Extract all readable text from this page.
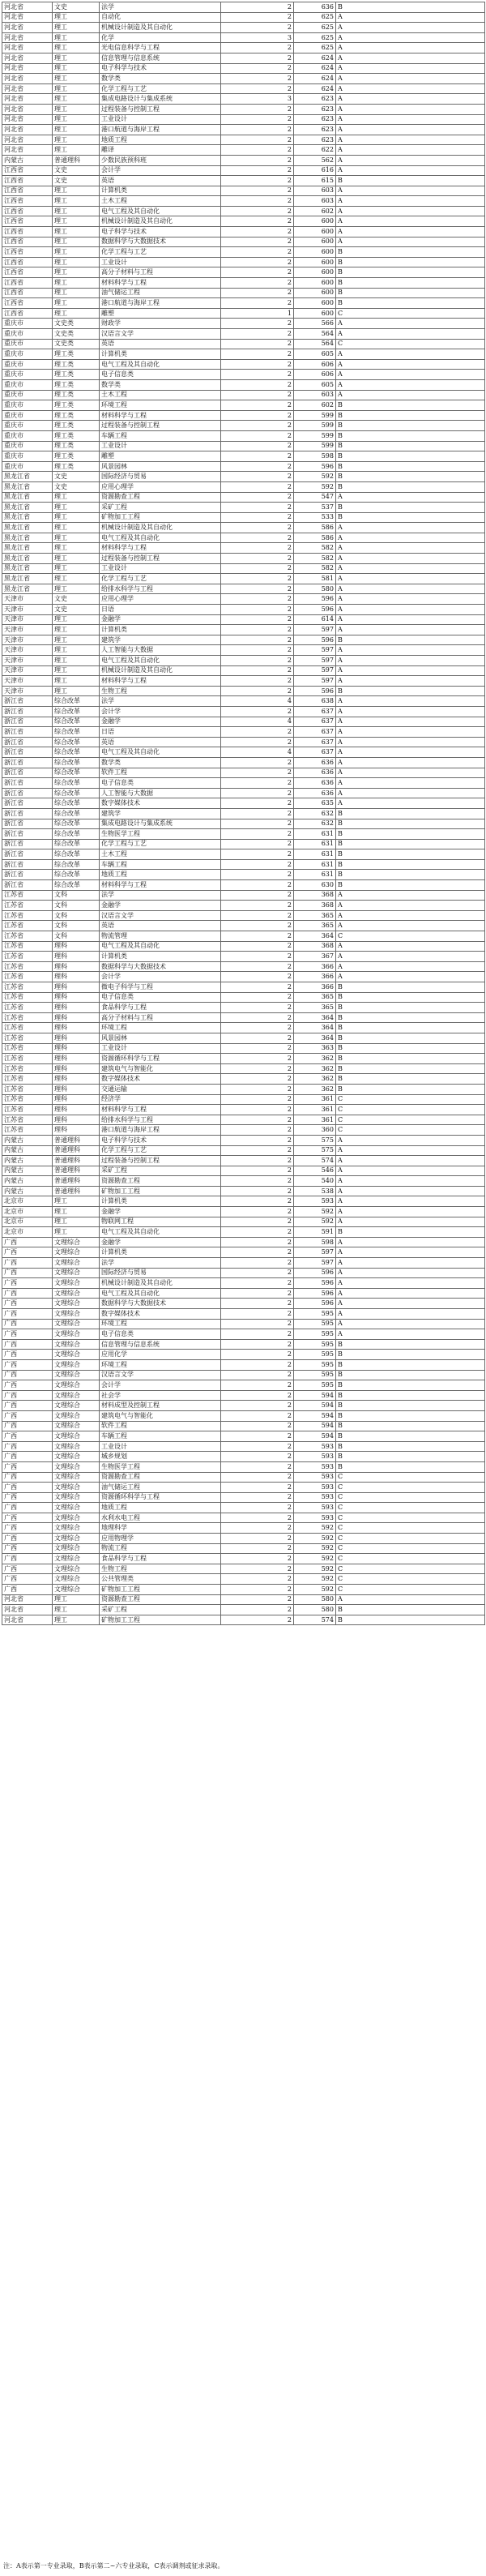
河北省	文史	法学	2	636	B
河北省	理工	自动化	2	625	A
河北省	理工	机械设计制造及其自动化	2	625	A
河北省	理工	化学	3	625	A
河北省	理工	光电信息科学与工程	2	625	A
河北省	理工	信息管理与信息系统	2	624	A
河北省	理工	电子科学与技术	2	624	A
河北省	理工	数学类	2	624	A
河北省	理工	化学工程与工艺	2	624	A
河北省	理工	集成电路设计与集成系统	3	623	A
河北省	理工	过程装备与控制工程	2	623	A
河北省	理工	工业设计	2	623	A
河北省	理工	港口航道与海岸工程	2	623	A
河北省	理工	地质工程	2	623	A
河北省	理工	雕译	2	622	A
内蒙古	普通理科	少数民族预科班	2	562	A
江西省	文史	会计学	2	616	A
江西省	文史	英语	2	615	B
江西省	理工	计算机类	2	603	A
江西省	理工	土木工程	2	603	A
江西省	理工	电气工程及其自动化	2	602	A
江西省	理工	机械设计制造及其自动化	2	600	A
江西省	理工	电子科学与技术	2	600	A
江西省	理工	数据科学与大数据技术	2	600	A
江西省	理工	化学工程与工艺	2	600	B
江西省	理工	工业设计	2	600	B
江西省	理工	高分子材料与工程	2	600	B
江西省	理工	材料科学与工程	2	600	B
江西省	理工	油气储运工程	2	600	B
江西省	理工	港口航道与海岸工程	2	600	B
江西省	理工	雕塑	1	600	C
重庆市	文史类	财政学	2	566	A
重庆市	文史类	汉语言文学	2	564	A
重庆市	文史类	英语	2	564	C
重庆市	理工类	计算机类	2	605	A
重庆市	理工类	电气工程及其自动化	2	606	A
重庆市	理工类	电子信息类	2	606	A
重庆市	理工类	数学类	2	605	A
重庆市	理工类	土木工程	2	603	A
重庆市	理工类	环境工程	2	602	B
重庆市	理工类	材料科学与工程	2	599	B
重庆市	理工类	过程装备与控制工程	2	599	B
重庆市	理工类	车辆工程	2	599	B
重庆市	理工类	工业设计	2	599	B
重庆市	理工类	雕塑	2	598	B
重庆市	理工类	风景园林	2	596	B
黑龙江省	文史	国际经济与贸易	2	592	B
黑龙江省	文史	应用心理学	2	592	B
黑龙江省	理工	资源勘查工程	2	547	A
黑龙江省	理工	采矿工程	2	537	B
黑龙江省	理工	矿物加工工程	2	533	B
黑龙江省	理工	机械设计制造及其自动化	2	586	A
黑龙江省	理工	电气工程及其自动化	2	586	A
黑龙江省	理工	材料科学与工程	2	582	A
黑龙江省	理工	过程装备与控制工程	2	582	A
黑龙江省	理工	工业设计	2	582	A
黑龙江省	理工	化学工程与工艺	2	581	A
黑龙江省	理工	给排水科学与工程	2	580	A
天津市	文史	应用心理学	2	596	A
天津市	文史	日语	2	596	A
天津市	理工	金融学	2	614	A
天津市	理工	计算机类	2	597	A
天津市	理工	建筑学	2	596	B
天津市	理工	人工智能与大数据	2	597	A
天津市	理工	电气工程及其自动化	2	597	A
天津市	理工	机械设计制造及其自动化	2	597	A
天津市	理工	材料科学与工程	2	597	A
天津市	理工	生物工程	2	596	B
浙江省	综合改革	法学	4	638	A
浙江省	综合改革	会计学	2	637	A
浙江省	综合改革	金融学	4	637	A
浙江省	综合改革	日语	2	637	A
浙江省	综合改革	英语	2	637	A
浙江省	综合改革	电气工程及其自动化	4	637	A
浙江省	综合改革	数学类	2	636	A
浙江省	综合改革	软件工程	2	636	A
浙江省	综合改革	电子信息类	2	636	A
浙江省	综合改革	人工智能与大数据	2	636	A
浙江省	综合改革	数字媒体技术	2	635	A
浙江省	综合改革	建筑学	2	632	B
浙江省	综合改革	集成电路设计与集成系统	2	632	B
浙江省	综合改革	生物医学工程	2	631	B
浙江省	综合改革	化学工程与工艺	2	631	B
浙江省	综合改革	土木工程	2	631	B
浙江省	综合改革	车辆工程	2	631	B
浙江省	综合改革	地质工程	2	631	B
浙江省	综合改革	材料科学与工程	2	630	B
江苏省	文科	法学	2	368	A
江苏省	文科	金融学	2	368	A
江苏省	文科	汉语言文学	2	365	A
江苏省	文科	英语	2	365	A
江苏省	文科	物流管理	2	364	C
江苏省	理科	电气工程及其自动化	2	368	A
江苏省	理科	计算机类	2	367	A
江苏省	理科	数据科学与大数据技术	2	366	A
江苏省	理科	会计学	2	366	A
江苏省	理科	微电子科学与工程	2	366	B
江苏省	理科	电子信息类	2	365	B
江苏省	理科	食品科学与工程	2	365	B
江苏省	理科	高分子材料与工程	2	364	B
江苏省	理科	环境工程	2	364	B
江苏省	理科	风景园林	2	364	B
江苏省	理科	工业设计	2	363	B
江苏省	理科	资源循环科学与工程	2	362	B
江苏省	理科	建筑电气与智能化	2	362	B
江苏省	理科	数字媒体技术	2	362	B
江苏省	理科	交通运输	2	362	B
江苏省	理科	经济学	2	361	C
江苏省	理科	材料科学与工程	2	361	C
江苏省	理科	给排水科学与工程	2	361	C
江苏省	理科	港口航道与海岸工程	2	360	C
内蒙古	普通理科	电子科学与技术	2	575	A
内蒙古	普通理科	化学工程与工艺	2	575	A
内蒙古	普通理科	过程装备与控制工程	2	574	A
内蒙古	普通理科	采矿工程	2	546	A
内蒙古	普通理科	资源勘查工程	2	540	A
内蒙古	普通理科	矿物加工工程	2	538	A
北京市	理工	计算机类	2	593	A
北京市	理工	金融学	2	592	A
北京市	理工	物联网工程	2	592	A
北京市	理工	电气工程及其自动化	2	591	B
广西	文理综合	金融学	2	598	A
广西	文理综合	计算机类	2	597	A
广西	文理综合	法学	2	597	A
广西	文理综合	国际经济与贸易	2	596	A
广西	文理综合	机械设计制造及其自动化	2	596	A
广西	文理综合	电气工程及其自动化	2	596	A
广西	文理综合	数据科学与大数据技术	2	596	A
广西	文理综合	数字媒体技术	2	595	A
广西	文理综合	环境工程	2	595	A
广西	文理综合	电子信息类	2	595	A
广西	文理综合	信息管理与信息系统	2	595	B
广西	文理综合	应用化学	2	595	B
广西	文理综合	环境工程	2	595	B
广西	文理综合	汉语言文学	2	595	B
广西	文理综合	会计学	2	595	B
广西	文理综合	社会学	2	594	B
广西	文理综合	材料成型及控制工程	2	594	B
广西	文理综合	建筑电气与智能化	2	594	B
广西	文理综合	软件工程	2	594	B
广西	文理综合	车辆工程	2	594	B
广西	文理综合	工业设计	2	593	B
广西	文理综合	城乡规划	2	593	B
广西	文理综合	生物医学工程	2	593	B
广西	文理综合	资源勘查工程	2	593	C
广西	文理综合	油气储运工程	2	593	C
广西	文理综合	资源循环科学与工程	2	593	C
广西	文理综合	地质工程	2	593	C
广西	文理综合	水利水电工程	2	593	C
广西	文理综合	地理科学	2	592	C
广西	文理综合	应用物理学	2	592	C
广西	文理综合	物流工程	2	592	C
广西	文理综合	食品科学与工程	2	592	C
广西	文理综合	生物工程	2	592	C
广西	文理综合	公共管理类	2	592	C
广西	文理综合	矿物加工工程	2	592	C
河北省	理工	资源勘查工程	2	580	A
河北省	理工	采矿工程	2	580	B
河北省	理工	矿物加工工程	2	574	B
注：A表示第一专业录取，B表示第二~六专业录取，C表示调剂或征求录取。
